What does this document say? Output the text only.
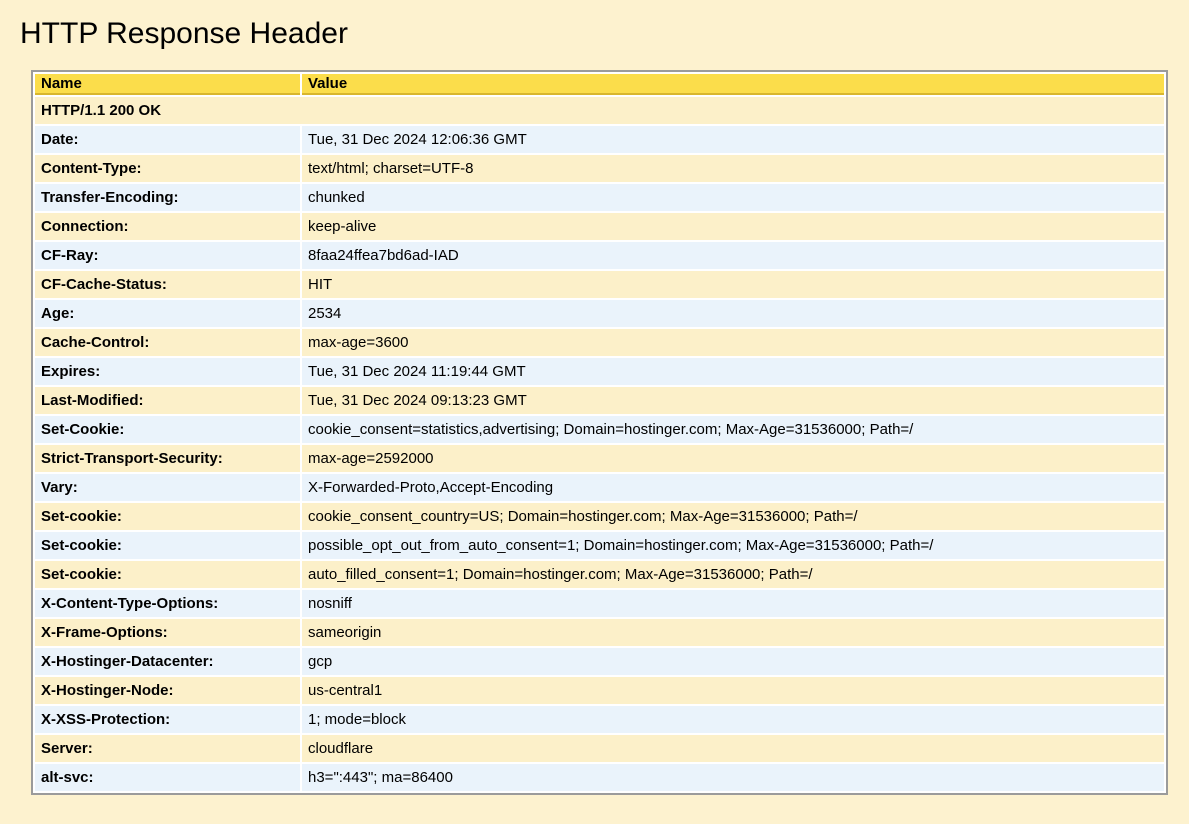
HTTP Response Header
Name	Value
HTTP/1.1 200 OK	
Date:	Tue, 31 Dec 2024 12:06:36 GMT
Content-Type:	text/html; charset=UTF-8
Transfer-Encoding:	chunked
Connection:	keep-alive
CF-Ray:	8faa24ffea7bd6ad-IAD
CF-Cache-Status:	HIT
Age:	2534
Cache-Control:	max-age=3600
Expires:	Tue, 31 Dec 2024 11:19:44 GMT
Last-Modified:	Tue, 31 Dec 2024 09:13:23 GMT
Set-Cookie:	cookie_consent=statistics,advertising; Domain=hostinger.com; Max-Age=31536000; Path=/
Strict-Transport-Security:	max-age=2592000
Vary:	X-Forwarded-Proto,Accept-Encoding
Set-cookie:	cookie_consent_country=US; Domain=hostinger.com; Max-Age=31536000; Path=/
Set-cookie:	possible_opt_out_from_auto_consent=1; Domain=hostinger.com; Max-Age=31536000; Path=/
Set-cookie:	auto_filled_consent=1; Domain=hostinger.com; Max-Age=31536000; Path=/
X-Content-Type-Options:	nosniff
X-Frame-Options:	sameorigin
X-Hostinger-Datacenter:	gcp
X-Hostinger-Node:	us-central1
X-XSS-Protection:	1; mode=block
Server:	cloudflare
alt-svc:	h3=":443"; ma=86400
